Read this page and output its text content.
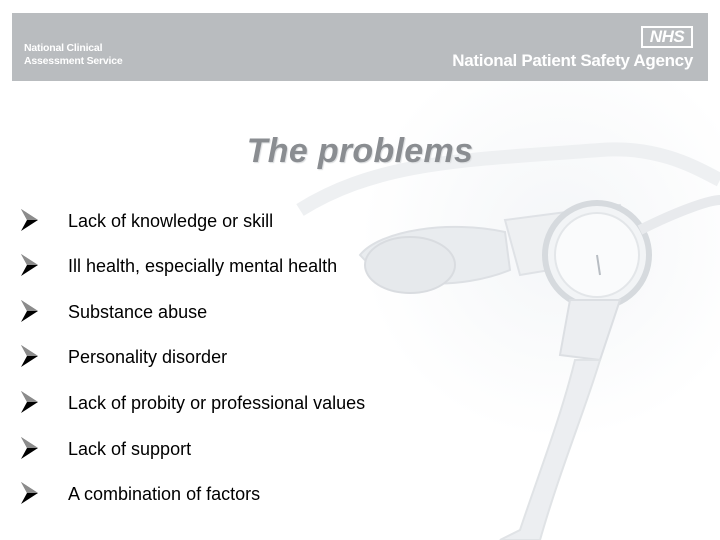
National Clinical
Assessment Service
NHS
National Patient Safety Agency
The problems
Lack of knowledge or skill
Ill health, especially mental health
Substance abuse
Personality disorder
Lack of probity or professional values
Lack of support
A combination of factors
